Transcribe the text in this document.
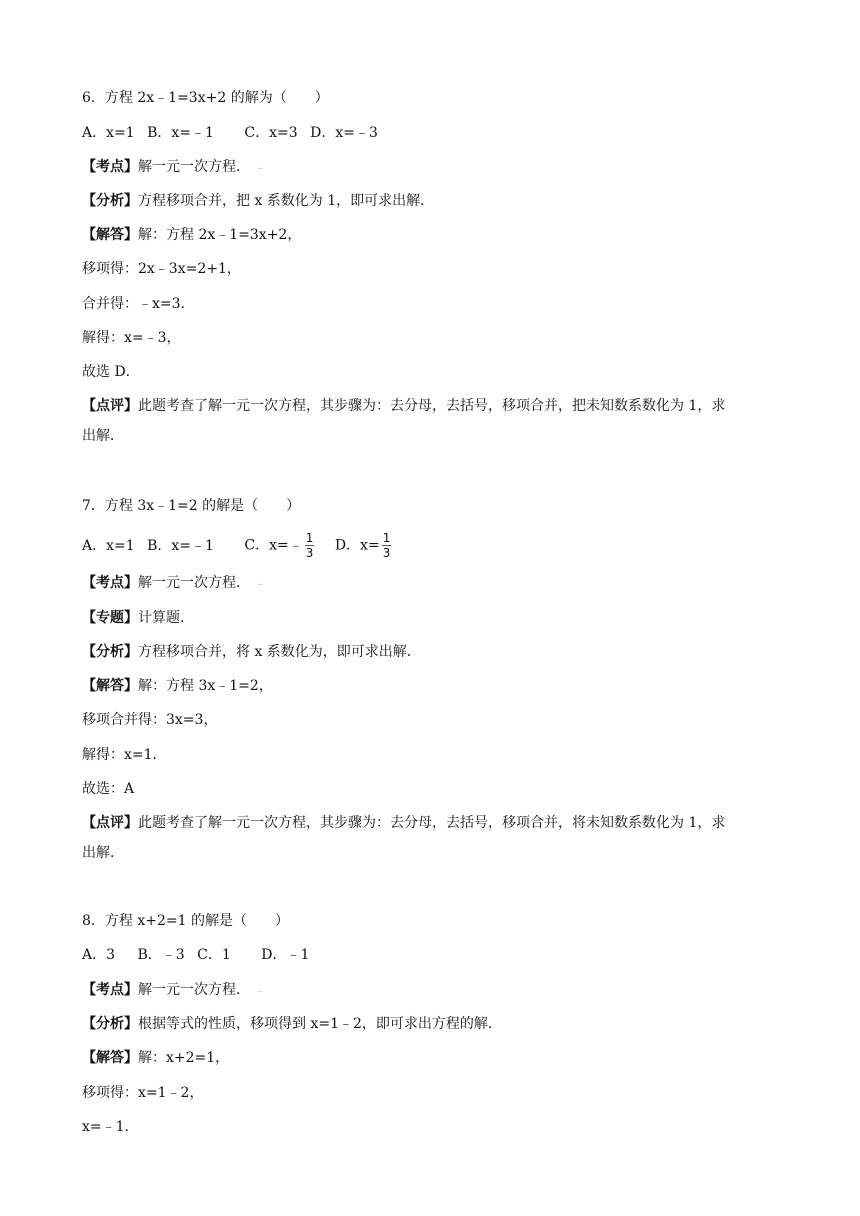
6．方程 2x﹣1=3x+2 的解为（　　）
A．x=1 B．x=﹣1 C．x=3 D．x=﹣3
【考点】解一元一次方程． –
【分析】方程移项合并，把 x 系数化为 1，即可求出解．
【解答】解：方程 2x﹣1=3x+2，
移项得：2x﹣3x=2+1，
合并得：﹣x=3．
解得：x=﹣3，
故选 D．
【点评】此题考查了解一元一次方程，其步骤为：去分母，去括号，移项合并，把未知数系数化为 1，求
出解．
7．方程 3x﹣1=2 的解是（　　）
A．x=1 B．x=﹣1 C．x=﹣ $\frac{1}{3}$ D．$x= \frac{1}{3}$
【考点】解一元一次方程． –
【专题】计算题．
【分析】方程移项合并，将 x 系数化为，即可求出解．
【解答】解：方程 3x﹣1=2，
移项合并得：3x=3，
解得：x=1．
故选：A
【点评】此题考查了解一元一次方程，其步骤为：去分母，去括号，移项合并，将未知数系数化为 1，求
出解．
8．方程 x+2=1 的解是（　　）
A．3 B．﹣3 C．1 D．﹣1
【考点】解一元一次方程． –
【分析】根据等式的性质，移项得到 x=1﹣2，即可求出方程的解．
【解答】解：x+2=1，
移项得：x=1﹣2，
x=﹣1．
